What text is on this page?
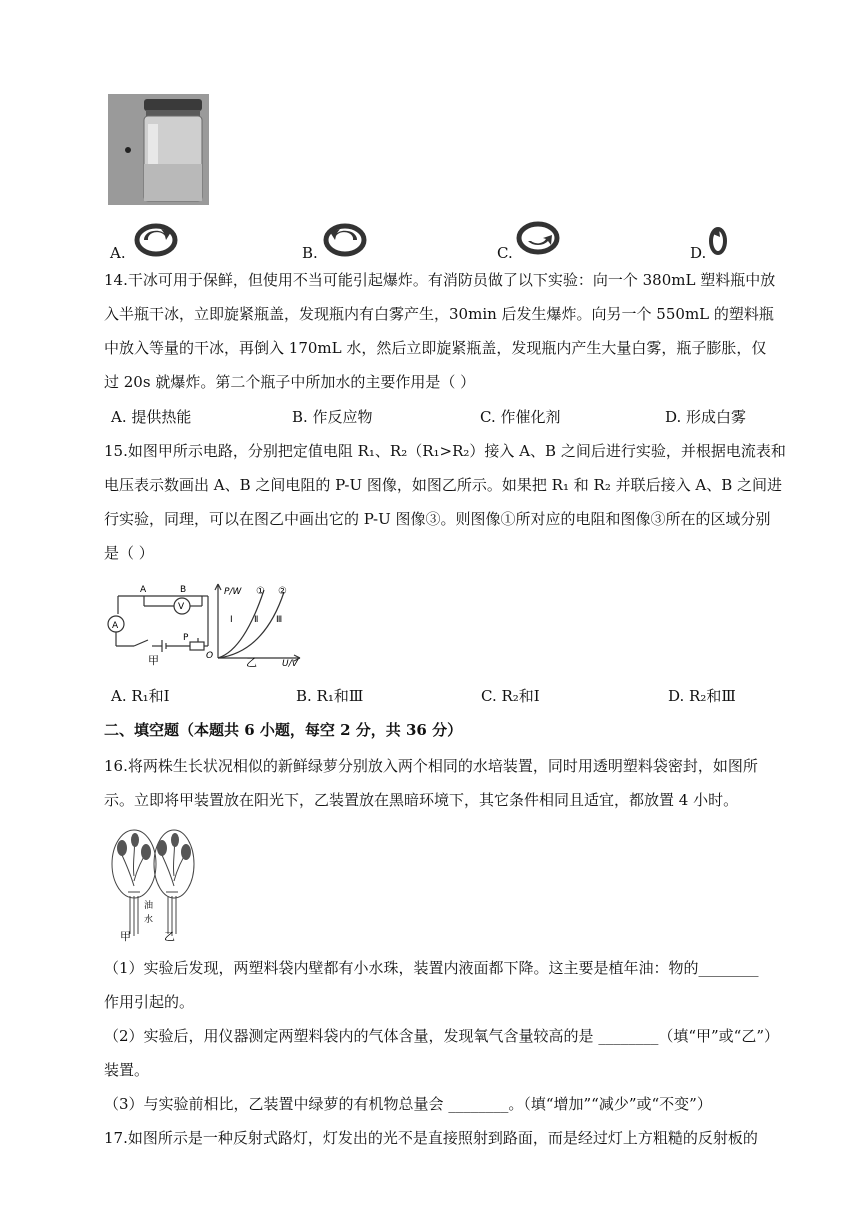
A.	B.	C.	D.
14.干冰可用于保鲜，但使用不当可能引起爆炸。有消防员做了以下实验：向一个 380mL 塑料瓶中放
入半瓶干冰，立即旋紧瓶盖，发现瓶内有白雾产生，30min 后发生爆炸。向另一个 550mL 的塑料瓶
中放入等量的干冰，再倒入 170mL 水，然后立即旋紧瓶盖，发现瓶内产生大量白雾，瓶子膨胀，仅
过 20s 就爆炸。第二个瓶子中所加水的主要作用是（ ）
A. 提供热能	B. 作反应物	C. 作催化剂	D. 形成白雾
15.如图甲所示电路，分别把定值电阻 R₁、R₂（R₁>R₂）接入 A、B 之间后进行实验，并根据电流表和
电压表示数画出 A、B 之间电阻的 P-U 图像，如图乙所示。如果把 R₁ 和 R₂ 并联后接入 A、B 之间进
行实验，同理，可以在图乙中画出它的 P-U 图像③。则图像①所对应的电阻和图像③所在的区域分别
是（ ）
A	B
V
A
P
甲
P/W
O
① ②
Ⅰ Ⅱ Ⅲ
乙	U/V
A. R₁和Ⅰ	B. R₁和Ⅲ	C. R₂和Ⅰ	D. R₂和Ⅲ
二、填空题（本题共 6 小题，每空 2 分，共 36 分）
16.将两株生长状况相似的新鲜绿萝分别放入两个相同的水培装置，同时用透明塑料袋密封，如图所
示。立即将甲装置放在阳光下，乙装置放在黑暗环境下，其它条件相同且适宜，都放置 4 小时。
油
水
甲	乙
（1）实验后发现，两塑料袋内壁都有小水珠，装置内液面都下降。这主要是植年油：物的________
作用引起的。
（2）实验后，用仪器测定两塑料袋内的气体含量，发现氧气含量较高的是 ________（填“甲”或“乙”）
装置。
（3）与实验前相比，乙装置中绿萝的有机物总量会 ________。（填“增加”“减少”或“不变”）
17.如图所示是一种反射式路灯，灯发出的光不是直接照射到路面，而是经过灯上方粗糙的反射板的
